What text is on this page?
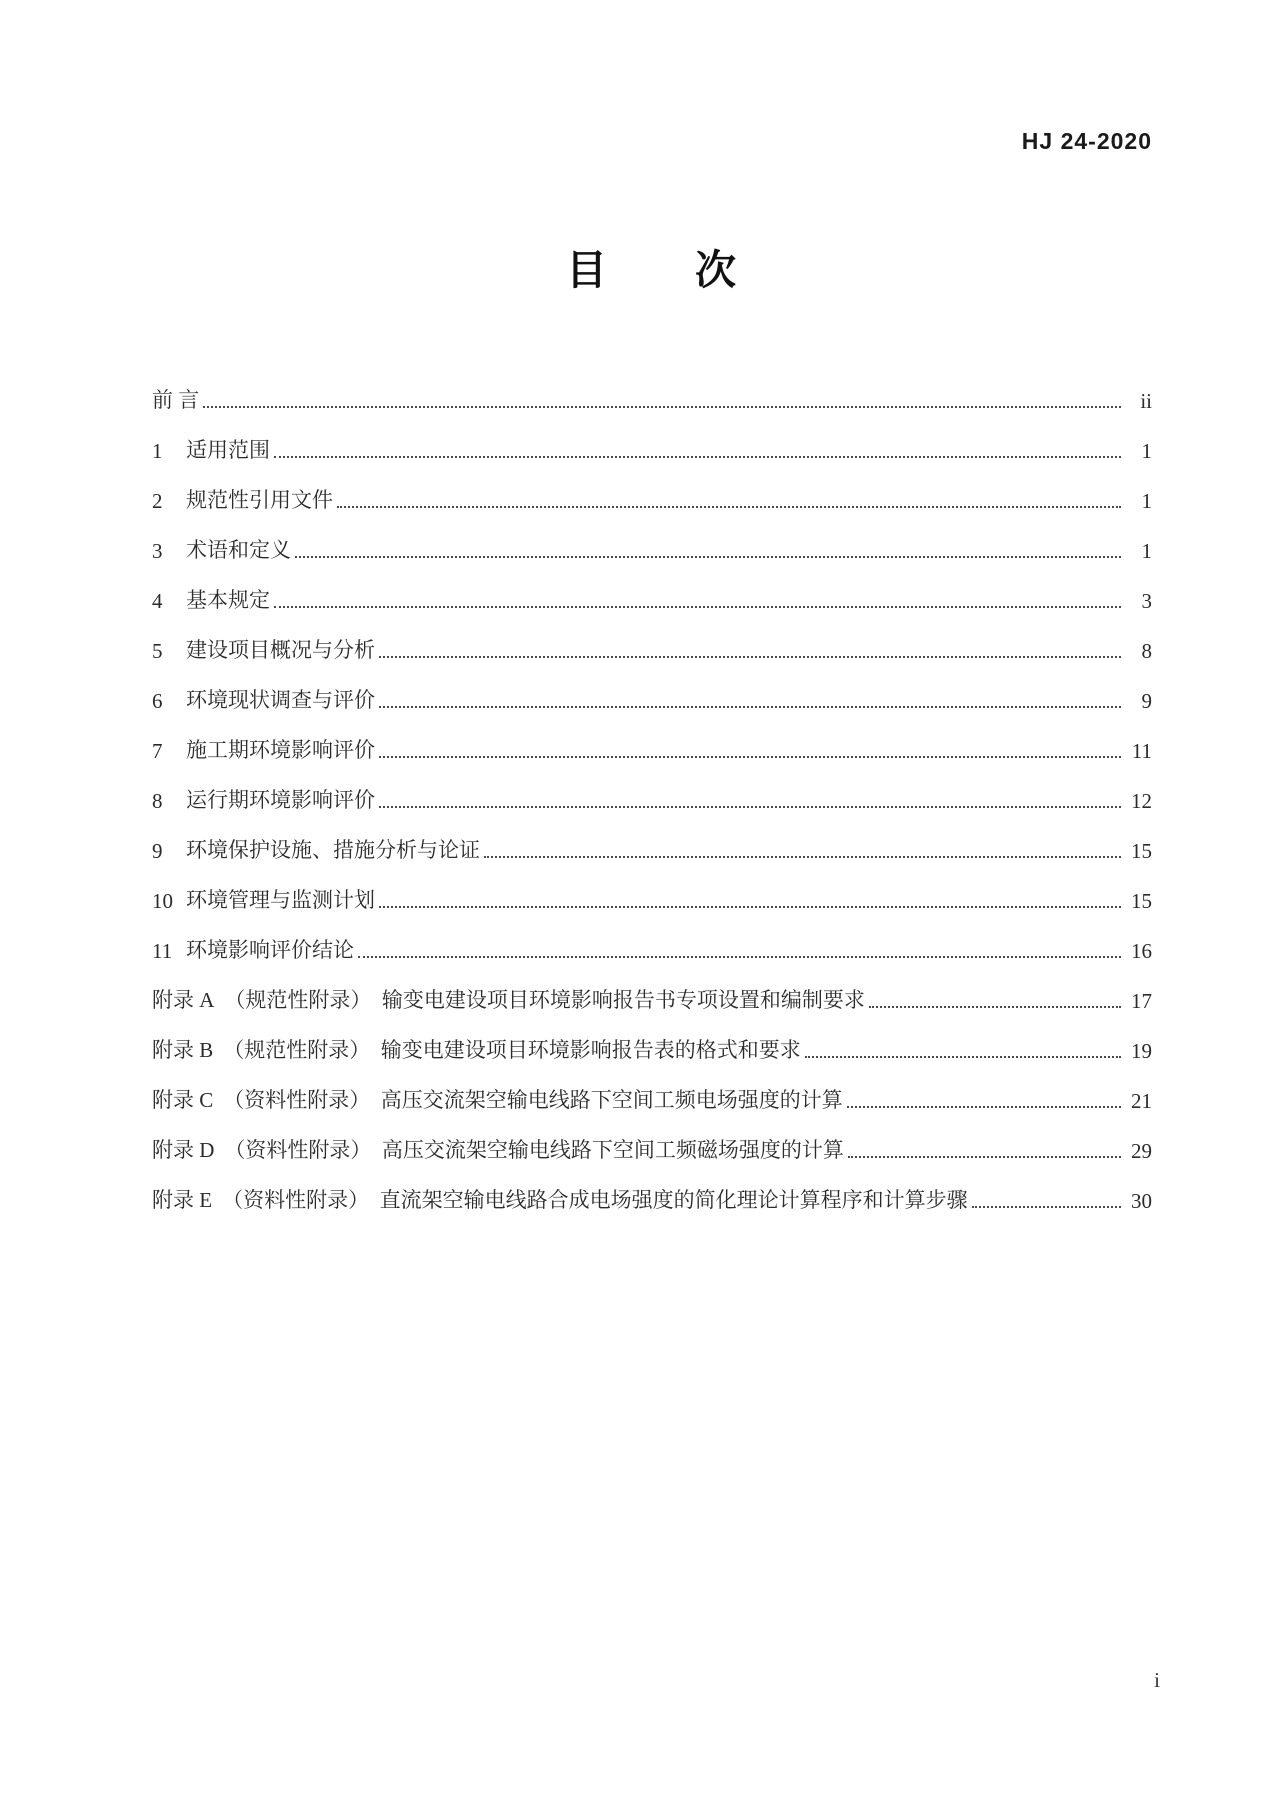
HJ 24-2020
目　　次
前 言	ii
1	适用范围	1
2	规范性引用文件	1
3	术语和定义	1
4	基本规定	3
5	建设项目概况与分析	8
6	环境现状调查与评价	9
7	施工期环境影响评价	11
8	运行期环境影响评价	12
9	环境保护设施、措施分析与论证	15
10 环境管理与监测计划	15
11 环境影响评价结论	16
附录 A （规范性附录）　输变电建设项目环境影响报告书专项设置和编制要求	17
附录 B （规范性附录）　输变电建设项目环境影响报告表的格式和要求	19
附录 C （资料性附录）　高压交流架空输电线路下空间工频电场强度的计算	21
附录 D （资料性附录）　高压交流架空输电线路下空间工频磁场强度的计算	29
附录 E （资料性附录）　直流架空输电线路合成电场强度的简化理论计算程序和计算步骤	30
i
